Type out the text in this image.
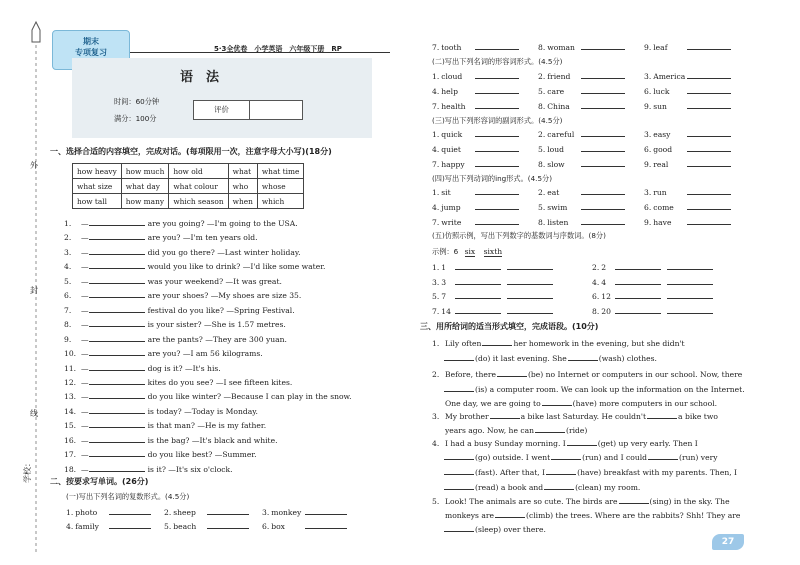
外
封
线
学校：
期末
专项复习	5·3全优卷　小学英语　六年级下册　RP
语　法
时间：60分钟
满分：100分
评价
一、选择合适的内容填空，完成对话。(每项限用一次，注意字母大小写)(18分)
how heavy	how much	how old	what	what time
what size	what day	what colour	who	whose
how tall	how many	which season	when	which
1. —	are you going? —I'm going to the USA.
2. —	are you? —I'm ten years old.
3. —	did you go there? —Last winter holiday.
4. —	would you like to drink? —I'd like some water.
5. —	was your weekend? —It was great.
6. —	are your shoes? —My shoes are size 35.
7. —	festival do you like? —Spring Festival.
8. —	is your sister? —She is 1.57 metres.
9. —	are the pants? —They are 300 yuan.
10. —	are you? —I am 56 kilograms.
11. —	dog is it? —It's his.
12. —	kites do you see? —I see fifteen kites.
13. —	do you like winter? —Because I can play in the snow.
14. —	is today? —Today is Monday.
15. —	is that man? —He is my father.
16. —	is the bag? —It's black and white.
17. —	do you like best? —Summer.
18. —	is it? —It's six o'clock.
二、按要求写单词。(26分)
(一)写出下列名词的复数形式。(4.5分)
1. photo	2. sheep	3. monkey
4. family	5. beach	6. box
7. tooth	8. woman	9. leaf
(二)写出下列名词的形容词形式。(4.5分)
1. cloud	2. friend	3. America
4. help	5. care	6. luck
7. health	8. China	9. sun
(三)写出下列形容词的副词形式。(4.5分)
1. quick	2. careful	3. easy
4. quiet	5. loud	6. good
7. happy	8. slow	9. real
(四)写出下列动词的ing形式。(4.5分)
1. sit	2. eat	3. run
4. jump	5. swim	6. come
7. write	8. listen	9. have
(五)仿照示例，写出下列数字的基数词与序数词。(8分)
示例：6 six sixth
1. 1	2. 2
3. 3	4. 4
5. 7	6. 12
7. 14	8. 20
三、用所给词的适当形式填空，完成语段。(10分)
1. Lily often	her homework in the evening, but she didn't
(do) it last evening. She	(wash) clothes.
2. Before, there	(be) no Internet or computers in our school. Now, there
(is) a computer room. We can look up the information on the Internet.
One day, we are going to	(have) more computers in our school.
3. My brother	a bike last Saturday. He couldn't	a bike two
years ago. Now, he can	(ride)
4. I had a busy Sunday morning. I	(get) up very early. Then I
(go) outside. I went	(run) and I could	(run) very
(fast). After that, I	(have) breakfast with my parents. Then, I
(read) a book and	(clean) my room.
5. Look! The animals are so cute. The birds are	(sing) in the sky. The
monkeys are	(climb) the trees. Where are the rabbits? Shh! They are
(sleep) over there.
27
